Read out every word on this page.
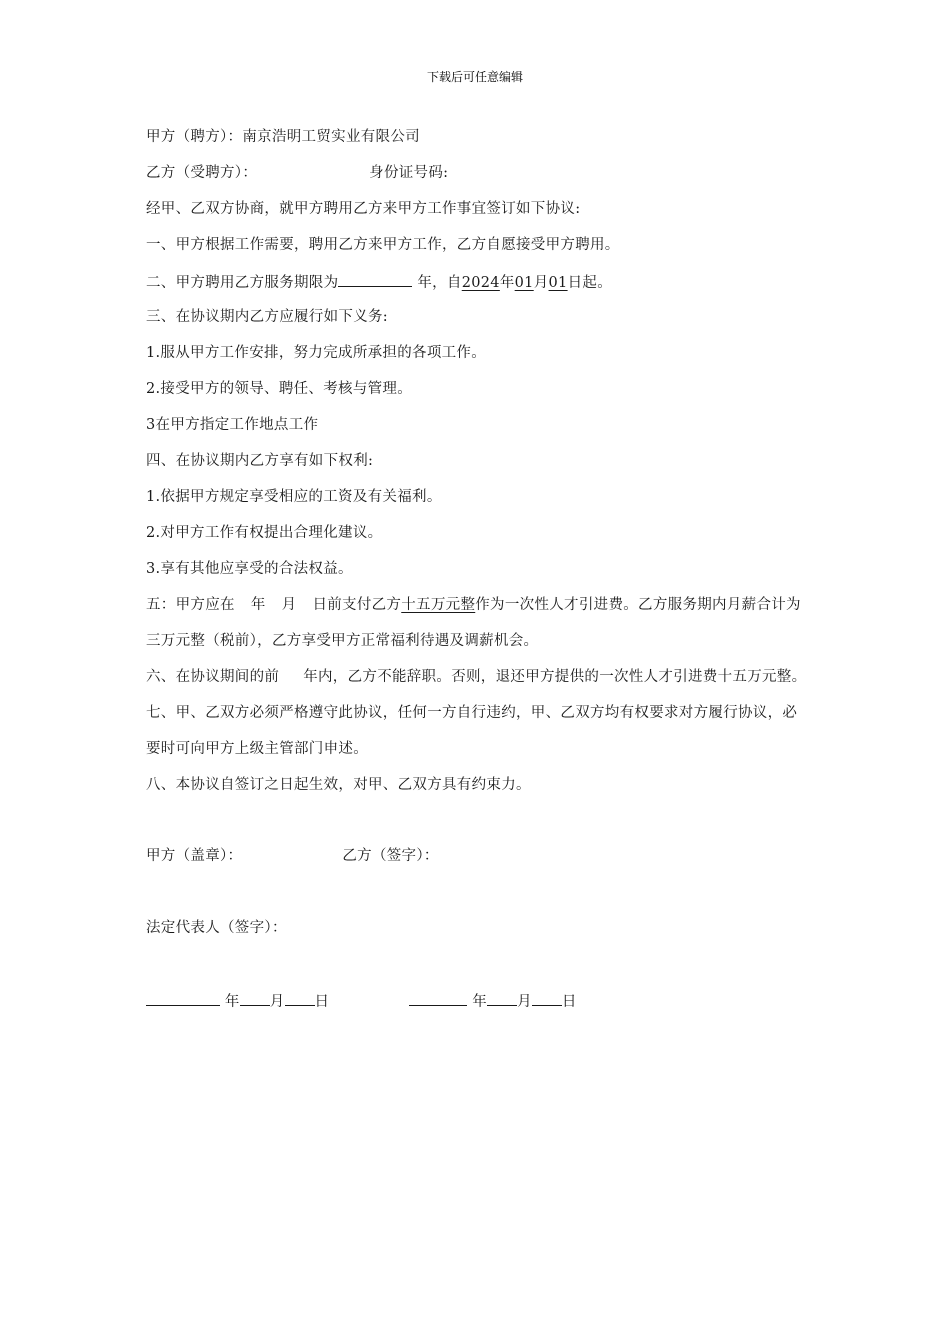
下载后可任意编辑
甲方（聘方）：南京浩明工贸实业有限公司
乙方（受聘方）：	身份证号码:
经甲、乙双方协商，就甲方聘用乙方来甲方工作事宜签订如下协议:
一、甲方根据工作需要，聘用乙方来甲方工作，乙方自愿接受甲方聘用。
二、甲方聘用乙方服务期限为	年，自2024年01月01日起。
三、在协议期内乙方应履行如下义务:
1.服从甲方工作安排，努力完成所承担的各项工作。
2.接受甲方的领导、聘任、考核与管理。
3在甲方指定工作地点工作
四、在协议期内乙方享有如下权利:
1.依据甲方规定享受相应的工资及有关福利。
2.对甲方工作有权提出合理化建议。
3.享有其他应享受的合法权益。
五：甲方应在 年 月 日前支付乙方十五万元整作为一次性人才引进费。乙方服务期内月薪合计为三万元整（税前），乙方享受甲方正常福利待遇及调薪机会。
六、在协议期间的前 年内，乙方不能辞职。否则，退还甲方提供的一次性人才引进费十五万元整。
七、甲、乙双方必须严格遵守此协议，任何一方自行违约，甲、乙双方均有权要求对方履行协议，必要时可向甲方上级主管部门申述。
八、本协议自签订之日起生效，对甲、乙双方具有约束力。
甲方（盖章）：	乙方（签字）：
法定代表人（签字）：
年 月 日	年 月 日
